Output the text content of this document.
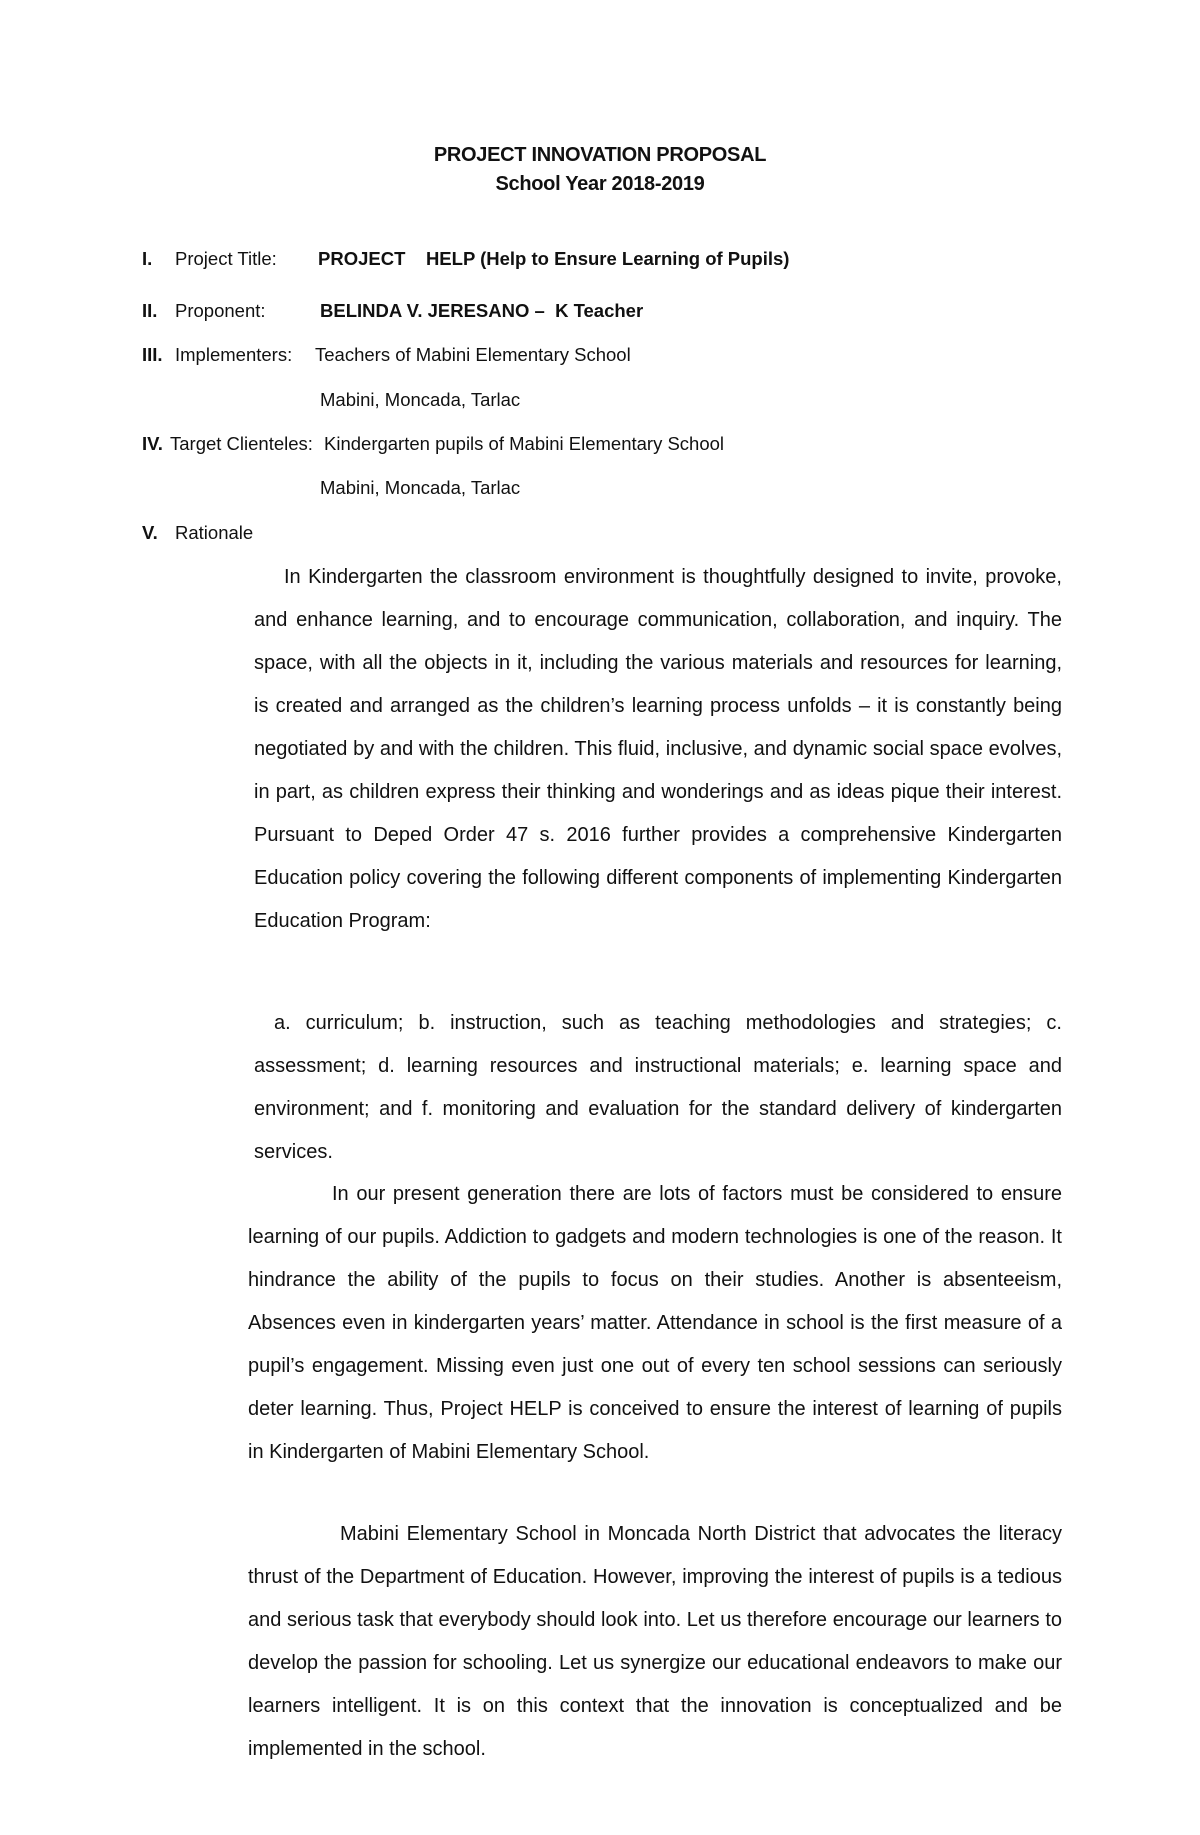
PROJECT INNOVATION PROPOSAL
School Year 2018-2019
I. Project Title: PROJECT    HELP (Help to Ensure Learning of Pupils)
II. Proponent:	BELINDA V. JERESANO –  K Teacher
III. Implementers: Teachers of Mabini Elementary School
Mabini, Moncada, Tarlac
IV. Target Clienteles: Kindergarten pupils of Mabini Elementary School
Mabini, Moncada, Tarlac
V. Rationale

In Kindergarten the classroom environment is thoughtfully designed to invite, provoke, and enhance learning, and to encourage communication, collaboration, and inquiry. The space, with all the objects in it, including the various materials and resources for learning, is created and arranged as the children’s learning process unfolds – it is constantly being negotiated by and with the children. This fluid, inclusive, and dynamic social space evolves, in part, as children express their thinking and wonderings and as ideas pique their interest. Pursuant to Deped Order 47 s. 2016 further provides a comprehensive Kindergarten Education policy covering the following different components of implementing Kindergarten Education Program:

a. curriculum; b. instruction, such as teaching methodologies and strategies; c. assessment; d. learning resources and instructional materials; e. learning space and environment; and f. monitoring and evaluation for the standard delivery of kindergarten services.

In our present generation there are lots of factors must be considered to ensure learning of our pupils. Addiction to gadgets and modern technologies is one of the reason. It hindrance the ability of the pupils to focus on their studies. Another is absenteeism, Absences even in kindergarten years’ matter. Attendance in school is the first measure of a pupil’s engagement. Missing even just one out of every ten school sessions can seriously deter learning. Thus, Project HELP is conceived to ensure the interest of learning of pupils in Kindergarten of Mabini Elementary School.

Mabini Elementary School in Moncada North District that advocates the literacy thrust of the Department of Education. However, improving the interest of pupils is a tedious and serious task that everybody should look into. Let us therefore encourage our learners to develop the passion for schooling. Let us synergize our educational endeavors to make our learners intelligent. It is on this context that the innovation is conceptualized and be implemented in the school.
